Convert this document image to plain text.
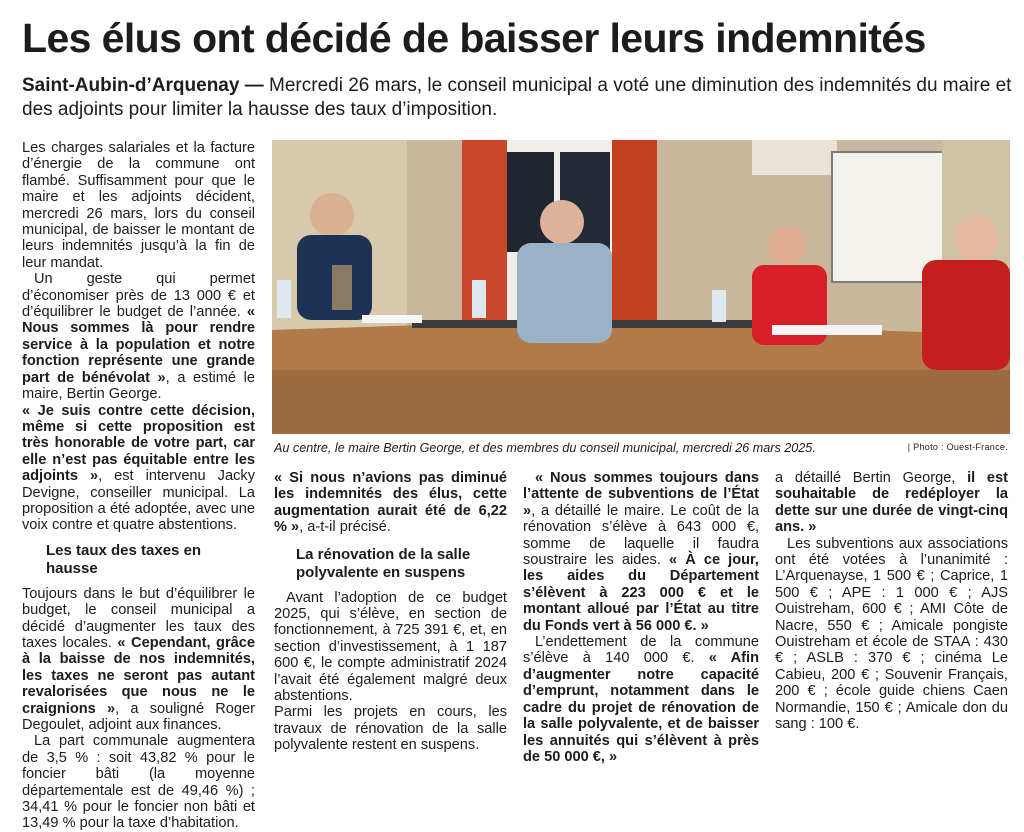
Les élus ont décidé de baisser leurs indemnités

Saint-Aubin-d’Arquenay — Mercredi 26 mars, le conseil municipal a voté une diminution des indemnités du maire et des adjoints pour limiter la hausse des taux d’imposition.

Les charges salariales et la facture d’énergie de la commune ont flambé. Suffisamment pour que le maire et les adjoints décident, mercredi 26 mars, lors du conseil municipal, de baisser le montant de leurs indemnités jusqu’à la fin de leur mandat.

Un geste qui permet d’économiser près de 13 000 € et d’équilibrer le budget de l’année. « Nous sommes là pour rendre service à la population et notre fonction représente une grande part de bénévolat », a estimé le maire, Bertin George.

« Je suis contre cette décision, même si cette proposition est très honorable de votre part, car elle n’est pas équitable entre les adjoints », est intervenu Jacky Devigne, conseiller municipal. La proposition a été adoptée, avec une voix contre et quatre abstentions.

Les taux des taxes en hausse

Toujours dans le but d’équilibrer le budget, le conseil municipal a décidé d’augmenter les taux des taxes locales. « Cependant, grâce à la baisse de nos indemnités, les taxes ne seront pas autant revalorisées que nous ne le craignions », a souligné Roger Degoulet, adjoint aux finances.

La part communale augmentera de 3,5 % : soit 43,82 % pour le foncier bâti (la moyenne départementale est de 49,46 %) ; 34,41 % pour le foncier non bâti et 13,49 % pour la taxe d’habitation.

Au centre, le maire Bertin George, et des membres du conseil municipal, mercredi 26 mars 2025.	| Photo : Ouest-France.

« Si nous n’avions pas diminué les indemnités des élus, cette augmentation aurait été de 6,22 % », a-t-il précisé.

La rénovation de la salle polyvalente en suspens

Avant l’adoption de ce budget 2025, qui s’élève, en section de fonctionnement, à 725 391 €, et, en section d’investissement, à 1 187 600 €, le compte administratif 2024 l’avait été également malgré deux abstentions.

Parmi les projets en cours, les travaux de rénovation de la salle polyvalente restent en suspens.

« Nous sommes toujours dans l’attente de subventions de l’État », a détaillé le maire. Le coût de la rénovation s’élève à 643 000 €, somme de laquelle il faudra soustraire les aides. « À ce jour, les aides du Département s’élèvent à 223 000 € et le montant alloué par l’État au titre du Fonds vert à 56 000 €. »

L’endettement de la commune s’élève à 140 000 €. « Afin d’augmenter notre capacité d’emprunt, notamment dans le cadre du projet de rénovation de la salle polyvalente, et de baisser les annuités qui s’élèvent à près de 50 000 €, »

a détaillé Bertin George, il est souhaitable de redéployer la dette sur une durée de vingt-cinq ans. »

Les subventions aux associations ont été votées à l’unanimité : L’Arquenayse, 1 500 € ; Caprice, 1 500 € ; APE : 1 000 € ; AJS Ouistreham, 600 € ; AMI Côte de Nacre, 550 € ; Amicale pongiste Ouistreham et école de STAA : 430 € ; ASLB : 370 € ; cinéma Le Cabieu, 200 € ; Souvenir Français, 200 € ; école guide chiens Caen Normandie, 150 € ; Amicale don du sang : 100 €.
